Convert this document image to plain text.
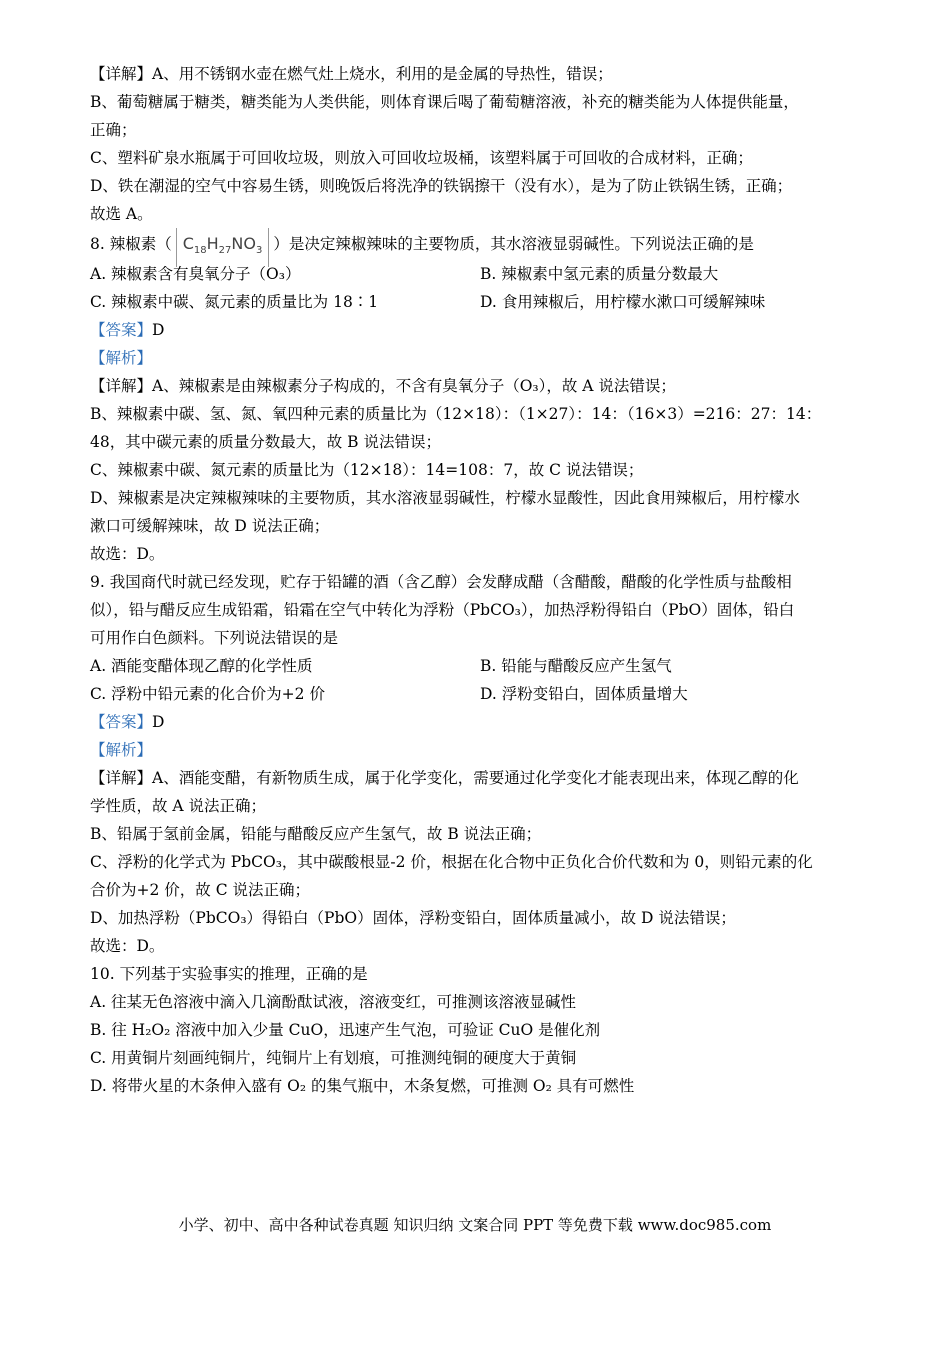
【详解】A、用不锈钢水壶在燃气灶上烧水，利用的是金属的导热性，错误；
B、葡萄糖属于糖类，糖类能为人类供能，则体育课后喝了葡萄糖溶液，补充的糖类能为人体提供能量，
正确；
C、塑料矿泉水瓶属于可回收垃圾，则放入可回收垃圾桶，该塑料属于可回收的合成材料，正确；
D、铁在潮湿的空气中容易生锈，则晚饭后将洗净的铁锅擦干（没有水），是为了防止铁锅生锈，正确；
故选 A。
8. 辣椒素（ $C_{18}H_{27}NO_3$ ）是决定辣椒辣味的主要物质，其水溶液显弱碱性。下列说法正确的是
A. 辣椒素含有臭氧分子（O₃）	B. 辣椒素中氢元素的质量分数最大
C. 辣椒素中碳、氮元素的质量比为 18∶1	D. 食用辣椒后，用柠檬水漱口可缓解辣味
【答案】D
【解析】
【详解】A、辣椒素是由辣椒素分子构成的，不含有臭氧分子（O₃），故 A 说法错误；
B、辣椒素中碳、氢、氮、氧四种元素的质量比为（12×18）：（1×27）：14：（16×3）=216：27：14：
48，其中碳元素的质量分数最大，故 B 说法错误；
C、辣椒素中碳、氮元素的质量比为（12×18）：14=108：7，故 C 说法错误；
D、辣椒素是决定辣椒辣味的主要物质，其水溶液显弱碱性，柠檬水显酸性，因此食用辣椒后，用柠檬水
漱口可缓解辣味，故 D 说法正确；
故选：D。
9. 我国商代时就已经发现，贮存于铅罐的酒（含乙醇）会发酵成醋（含醋酸，醋酸的化学性质与盐酸相
似），铅与醋反应生成铅霜，铅霜在空气中转化为浮粉（PbCO₃），加热浮粉得铅白（PbO）固体，铅白
可用作白色颜料。下列说法错误的是
A. 酒能变醋体现乙醇的化学性质	B. 铅能与醋酸反应产生氢气
C. 浮粉中铅元素的化合价为+2 价	D. 浮粉变铅白，固体质量增大
【答案】D
【解析】
【详解】A、酒能变醋，有新物质生成，属于化学变化，需要通过化学变化才能表现出来，体现乙醇的化
学性质，故 A 说法正确；
B、铅属于氢前金属，铅能与醋酸反应产生氢气，故 B 说法正确；
C、浮粉的化学式为 PbCO₃，其中碳酸根显-2 价，根据在化合物中正负化合价代数和为 0，则铅元素的化
合价为+2 价，故 C 说法正确；
D、加热浮粉（PbCO₃）得铅白（PbO）固体，浮粉变铅白，固体质量减小，故 D 说法错误；
故选：D。
10. 下列基于实验事实的推理，正确的是
A. 往某无色溶液中滴入几滴酚酞试液，溶液变红，可推测该溶液显碱性
B. 往 H₂O₂ 溶液中加入少量 CuO，迅速产生气泡，可验证 CuO 是催化剂
C. 用黄铜片刻画纯铜片，纯铜片上有划痕，可推测纯铜的硬度大于黄铜
D. 将带火星的木条伸入盛有 O₂ 的集气瓶中，木条复燃，可推测 O₂ 具有可燃性
小学、初中、高中各种试卷真题 知识归纳 文案合同 PPT 等免费下载 www.doc985.com
